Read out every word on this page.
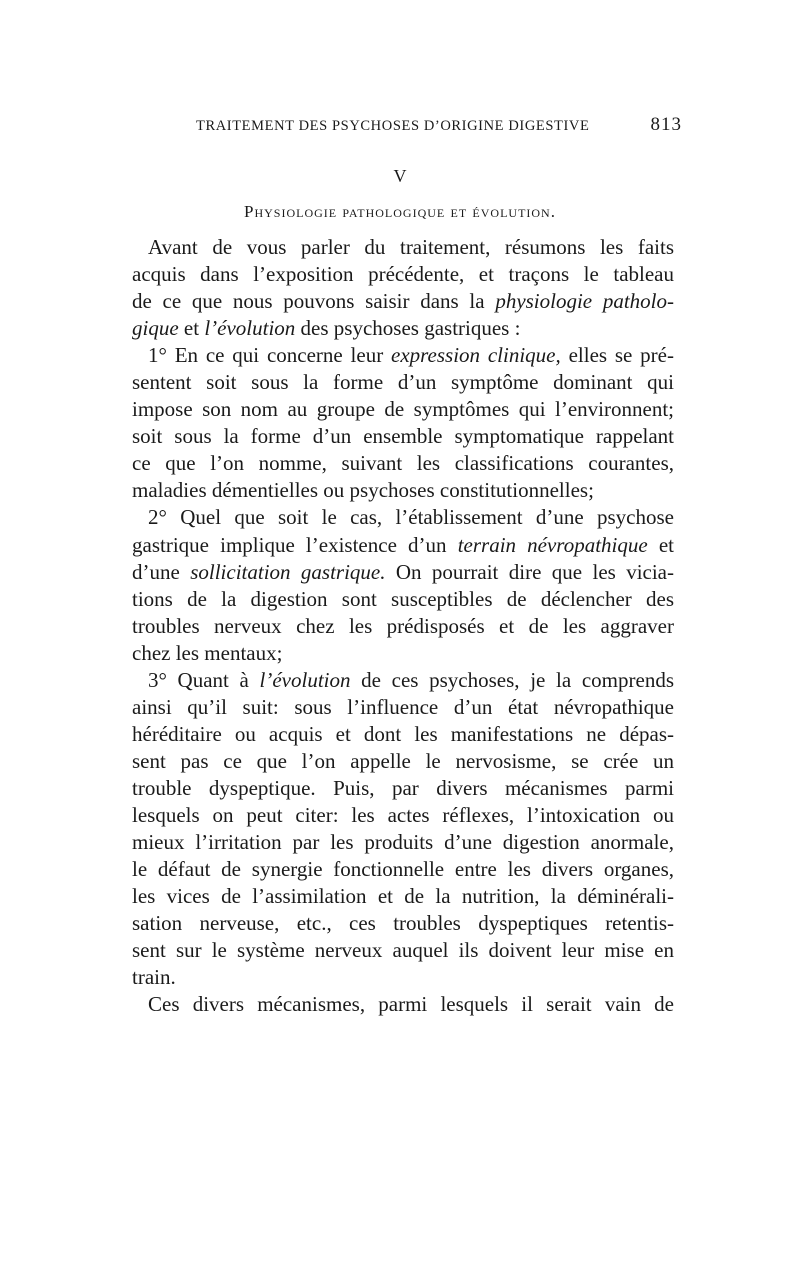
TRAITEMENT DES PSYCHOSES D’ORIGINE DIGESTIVE	813
V
Physiologie pathologique et évolution.
Avant de vous parler du traitement, résumons les faits
acquis dans l’exposition précédente, et traçons le tableau
de ce que nous pouvons saisir dans la physiologie patholo-
gique et l’évolution des psychoses gastriques :
1° En ce qui concerne leur expression clinique, elles se pré-
sentent soit sous la forme d’un symptôme dominant qui
impose son nom au groupe de symptômes qui l’environnent;
soit sous la forme d’un ensemble symptomatique rappelant
ce que l’on nomme, suivant les classifications courantes,
maladies démentielles ou psychoses constitutionnelles;
2° Quel que soit le cas, l’établissement d’une psychose
gastrique implique l’existence d’un terrain névropathique et
d’une sollicitation gastrique. On pourrait dire que les vicia-
tions de la digestion sont susceptibles de déclencher des
troubles nerveux chez les prédisposés et de les aggraver
chez les mentaux;
3° Quant à l’évolution de ces psychoses, je la comprends
ainsi qu’il suit: sous l’influence d’un état névropathique
héréditaire ou acquis et dont les manifestations ne dépas-
sent pas ce que l’on appelle le nervosisme, se crée un
trouble dyspeptique. Puis, par divers mécanismes parmi
lesquels on peut citer: les actes réflexes, l’intoxication ou
mieux l’irritation par les produits d’une digestion anormale,
le défaut de synergie fonctionnelle entre les divers organes,
les vices de l’assimilation et de la nutrition, la déminérali-
sation nerveuse, etc., ces troubles dyspeptiques retentis-
sent sur le système nerveux auquel ils doivent leur mise en
train.
Ces divers mécanismes, parmi lesquels il serait vain de
